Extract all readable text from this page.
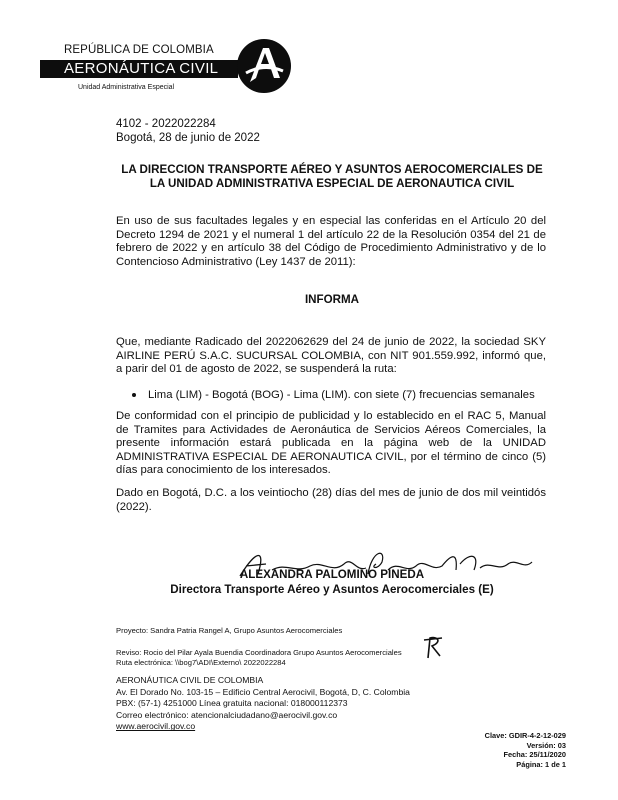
REPÚBLICA DE COLOMBIA
AERONÁUTICA CIVIL
Unidad Administrativa Especial
4102 - 2022022284
Bogotá, 28 de junio de 2022
LA DIRECCION TRANSPORTE AÉREO Y ASUNTOS AEROCOMERCIALES DE
LA UNIDAD ADMINISTRATIVA ESPECIAL DE AERONAUTICA CIVIL
En uso de sus facultades legales y en especial las conferidas en el Artículo 20 del Decreto 1294 de 2021 y el numeral 1 del artículo 22 de la Resolución 0354 del 21 de febrero de 2022 y en artículo 38 del Código de Procedimiento Administrativo y de lo Contencioso Administrativo (Ley 1437 de 2011):
INFORMA
Que, mediante Radicado del 2022062629 del 24 de junio de 2022, la sociedad SKY AIRLINE PERÚ S.A.C. SUCURSAL COLOMBIA, con NIT 901.559.992, informó que, a parir del 01 de agosto de 2022, se suspenderá la ruta:
Lima (LIM) - Bogotá (BOG) - Lima (LIM). con siete (7) frecuencias semanales
De conformidad con el principio de publicidad y lo establecido en el RAC 5, Manual de Tramites para Actividades de Aeronáutica de Servicios Aéreos Comerciales, la presente información estará publicada en la página web de la UNIDAD ADMINISTRATIVA ESPECIAL DE AERONAUTICA CIVIL, por el término de cinco (5) días para conocimiento de los interesados.
Dado en Bogotá, D.C. a los veintiocho (28) días del mes de junio de dos mil veintidós (2022).
ALEXANDRA PALOMINO PINEDA
Directora Transporte Aéreo y Asuntos Aerocomerciales (E)
Proyecto: Sandra Patria Rangel A, Grupo Asuntos Aerocomerciales
Reviso: Rocio del Pilar Ayala Buendia Coordinadora Grupo Asuntos Aerocomerciales
Ruta electrónica: \\bog7\ADI\Externo\ 2022022284
AERONÁUTICA CIVIL DE COLOMBIA
Av. El Dorado No. 103-15 – Edificio Central Aerocivil, Bogotá, D, C. Colombia
PBX: (57-1) 4251000 Línea gratuita nacional: 018000112373
Correo electrónico: atencionalciudadano@aerocivil.gov.co
www.aerocivil.gov.co
Clave: GDIR-4-2-12-029
Versión: 03
Fecha: 25/11/2020
Página: 1 de 1
